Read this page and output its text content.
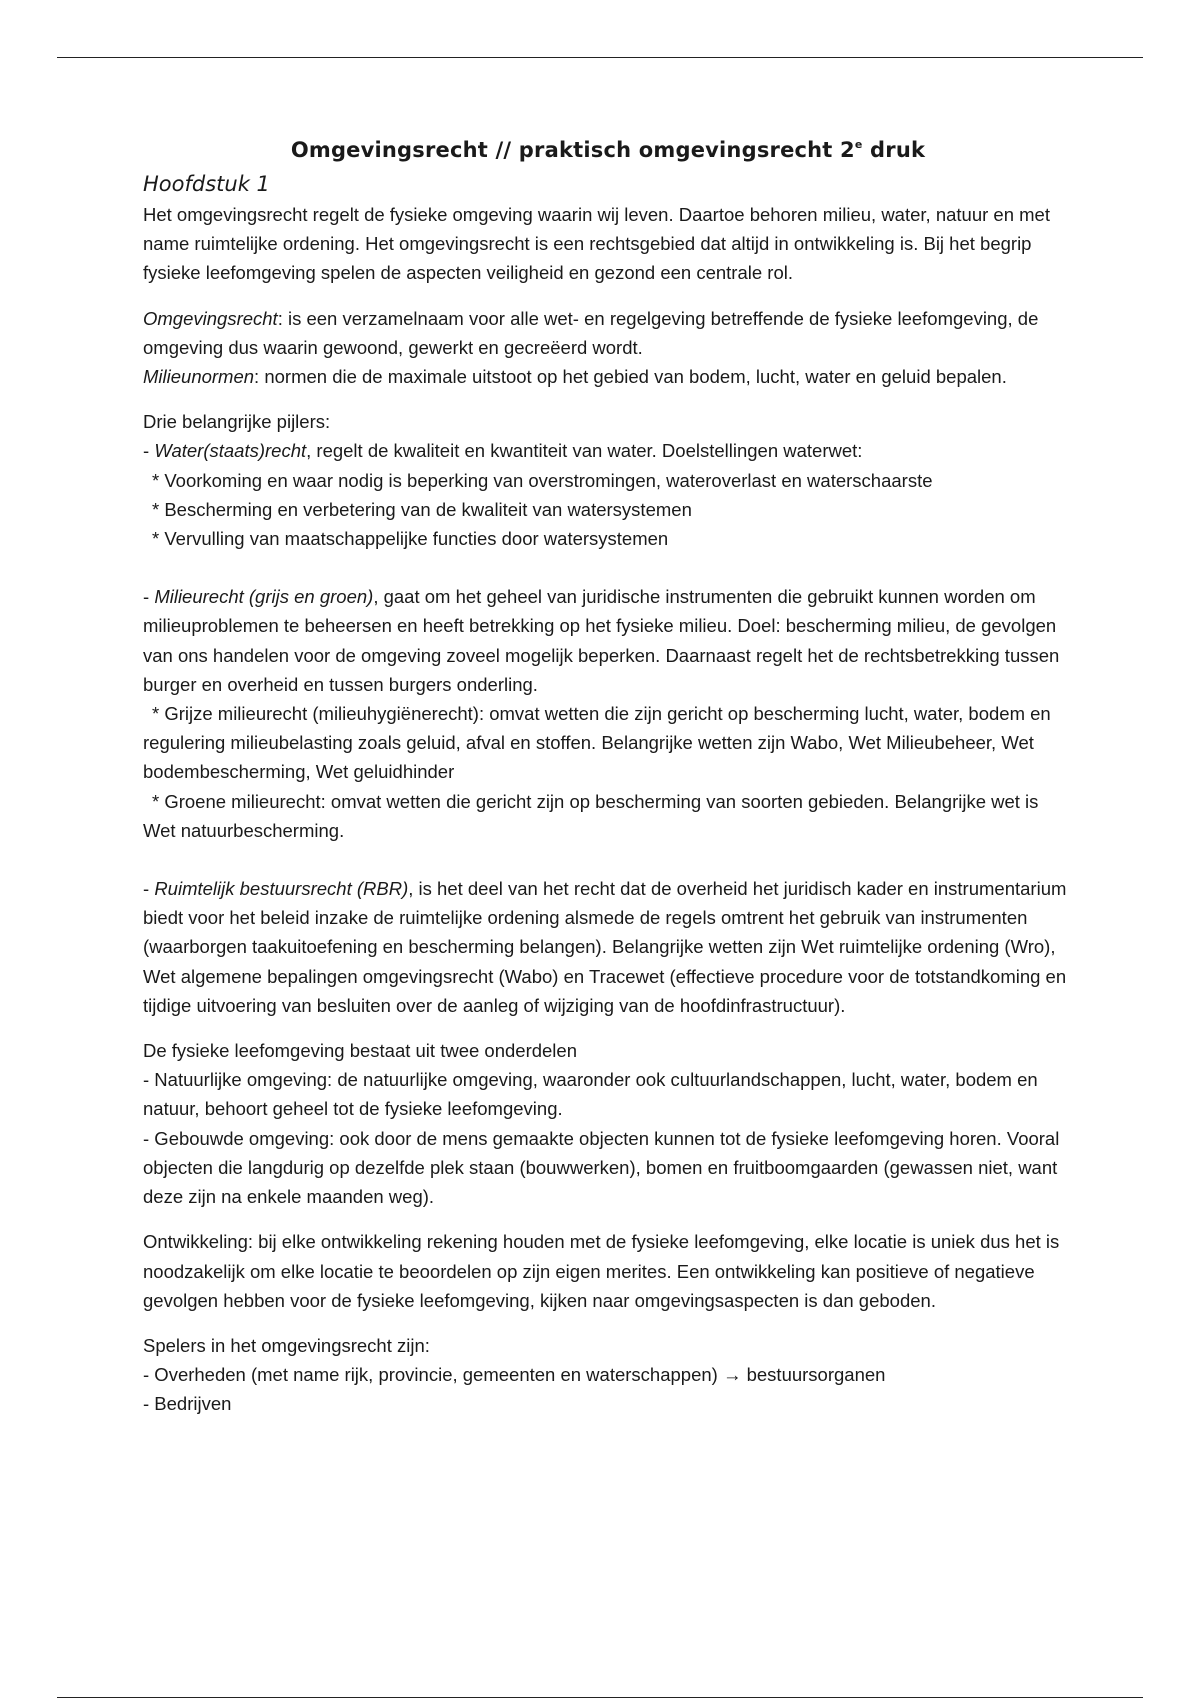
Omgevingsrecht // praktisch omgevingsrecht 2e druk
Hoofdstuk 1

Het omgevingsrecht regelt de fysieke omgeving waarin wij leven. Daartoe behoren milieu, water, natuur en met name ruimtelijke ordening. Het omgevingsrecht is een rechtsgebied dat altijd in ontwikkeling is. Bij het begrip fysieke leefomgeving spelen de aspecten veiligheid en gezond een centrale rol.

Omgevingsrecht: is een verzamelnaam voor alle wet- en regelgeving betreffende de fysieke leefomgeving, de omgeving dus waarin gewoond, gewerkt en gecreëerd wordt.

Milieunormen: normen die de maximale uitstoot op het gebied van bodem, lucht, water en geluid bepalen.

Drie belangrijke pijlers:

- Water(staats)recht, regelt de kwaliteit en kwantiteit van water. Doelstellingen waterwet:

* Voorkoming en waar nodig is beperking van overstromingen, wateroverlast en waterschaarste

* Bescherming en verbetering van de kwaliteit van watersystemen

* Vervulling van maatschappelijke functies door watersystemen

- Milieurecht (grijs en groen), gaat om het geheel van juridische instrumenten die gebruikt kunnen worden om milieuproblemen te beheersen en heeft betrekking op het fysieke milieu. Doel: bescherming milieu, de gevolgen van ons handelen voor de omgeving zoveel mogelijk beperken. Daarnaast regelt het de rechtsbetrekking tussen burger en overheid en tussen burgers onderling.

* Grijze milieurecht (milieuhygiënerecht): omvat wetten die zijn gericht op bescherming lucht, water, bodem en regulering milieubelasting zoals geluid, afval en stoffen. Belangrijke wetten zijn Wabo, Wet Milieubeheer, Wet bodembescherming, Wet geluidhinder

* Groene milieurecht: omvat wetten die gericht zijn op bescherming van soorten gebieden. Belangrijke wet is Wet natuurbescherming.

- Ruimtelijk bestuursrecht (RBR), is het deel van het recht dat de overheid het juridisch kader en instrumentarium biedt voor het beleid inzake de ruimtelijke ordening alsmede de regels omtrent het gebruik van instrumenten (waarborgen taakuitoefening en bescherming belangen). Belangrijke wetten zijn Wet ruimtelijke ordening (Wro), Wet algemene bepalingen omgevingsrecht (Wabo) en Tracewet (effectieve procedure voor de totstandkoming en tijdige uitvoering van besluiten over de aanleg of wijziging van de hoofdinfrastructuur).

De fysieke leefomgeving bestaat uit twee onderdelen

- Natuurlijke omgeving: de natuurlijke omgeving, waaronder ook cultuurlandschappen, lucht, water, bodem en natuur, behoort geheel tot de fysieke leefomgeving.

- Gebouwde omgeving: ook door de mens gemaakte objecten kunnen tot de fysieke leefomgeving horen. Vooral objecten die langdurig op dezelfde plek staan (bouwwerken), bomen en fruitboomgaarden (gewassen niet, want deze zijn na enkele maanden weg).

Ontwikkeling: bij elke ontwikkeling rekening houden met de fysieke leefomgeving, elke locatie is uniek dus het is noodzakelijk om elke locatie te beoordelen op zijn eigen merites. Een ontwikkeling kan positieve of negatieve gevolgen hebben voor de fysieke leefomgeving, kijken naar omgevingsaspecten is dan geboden.

Spelers in het omgevingsrecht zijn:

- Overheden (met name rijk, provincie, gemeenten en waterschappen) → bestuursorganen

- Bedrijven
